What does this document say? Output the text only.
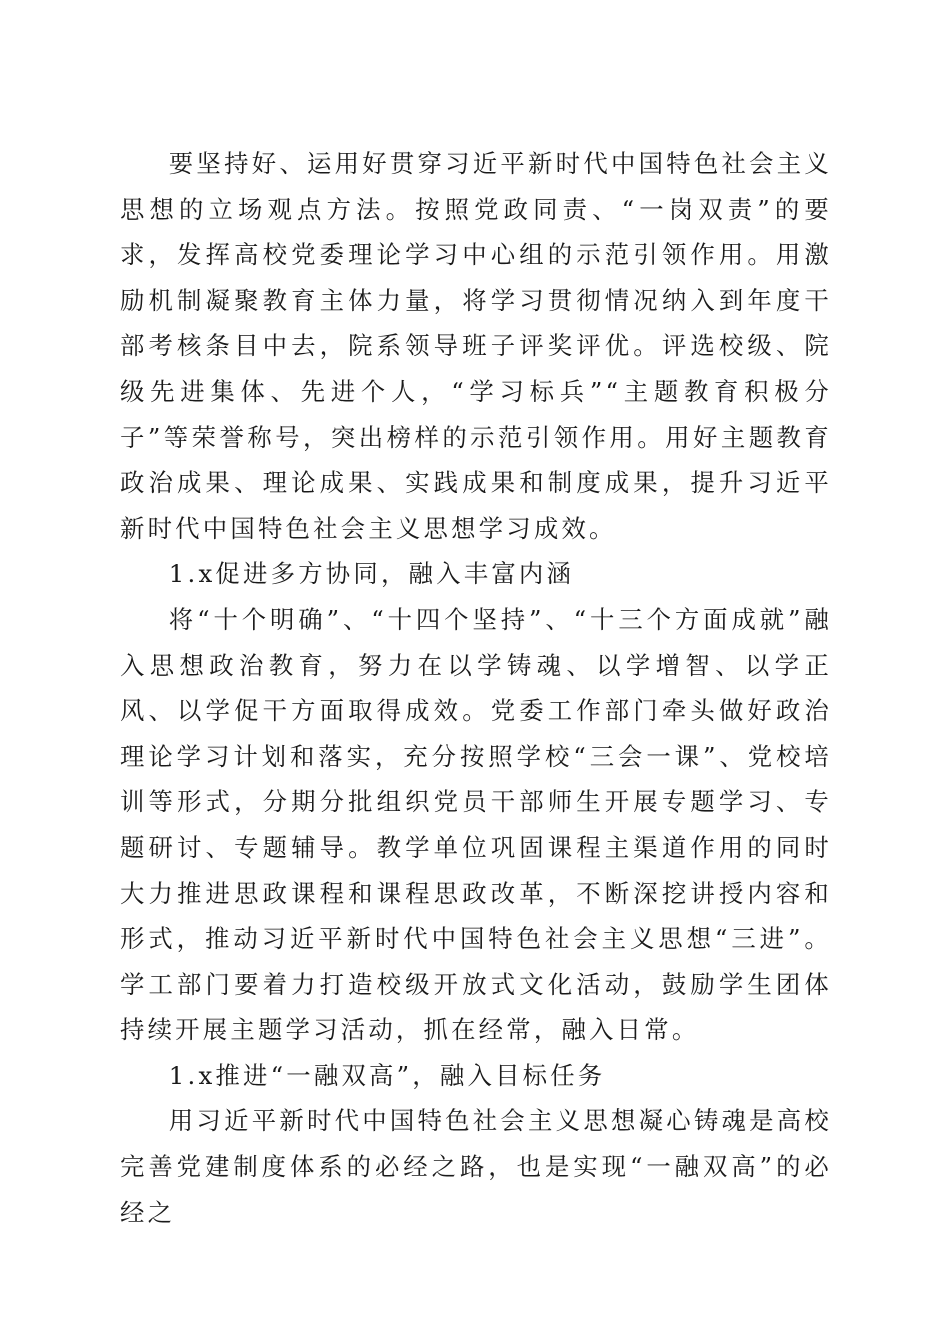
要坚持好、运用好贯穿习近平新时代中国特色社会主义思想的立场观点方法。按照党政同责、“一岗双责”的要求，发挥高校党委理论学习中心组的示范引领作用。用激励机制凝聚教育主体力量，将学习贯彻情况纳入到年度干部考核条目中去，院系领导班子评奖评优。评选校级、院级先进集体、先进个人，“学习标兵”“主题教育积极分子”等荣誉称号，突出榜样的示范引领作用。用好主题教育政治成果、理论成果、实践成果和制度成果，提升习近平新时代中国特色社会主义思想学习成效。

1.x促进多方协同，融入丰富内涵

将“十个明确”、“十四个坚持”、“十三个方面成就”融入思想政治教育，努力在以学铸魂、以学增智、以学正风、以学促干方面取得成效。党委工作部门牵头做好政治理论学习计划和落实，充分按照学校“三会一课”、党校培训等形式，分期分批组织党员干部师生开展专题学习、专题研讨、专题辅导。教学单位巩固课程主渠道作用的同时大力推进思政课程和课程思政改革，不断深挖讲授内容和形式，推动习近平新时代中国特色社会主义思想“三进”。学工部门要着力打造校级开放式文化活动，鼓励学生团体持续开展主题学习活动，抓在经常，融入日常。

1.x推进“一融双高”，融入目标任务

用习近平新时代中国特色社会主义思想凝心铸魂是高校完善党建制度体系的必经之路，也是实现“一融双高”的必经之
